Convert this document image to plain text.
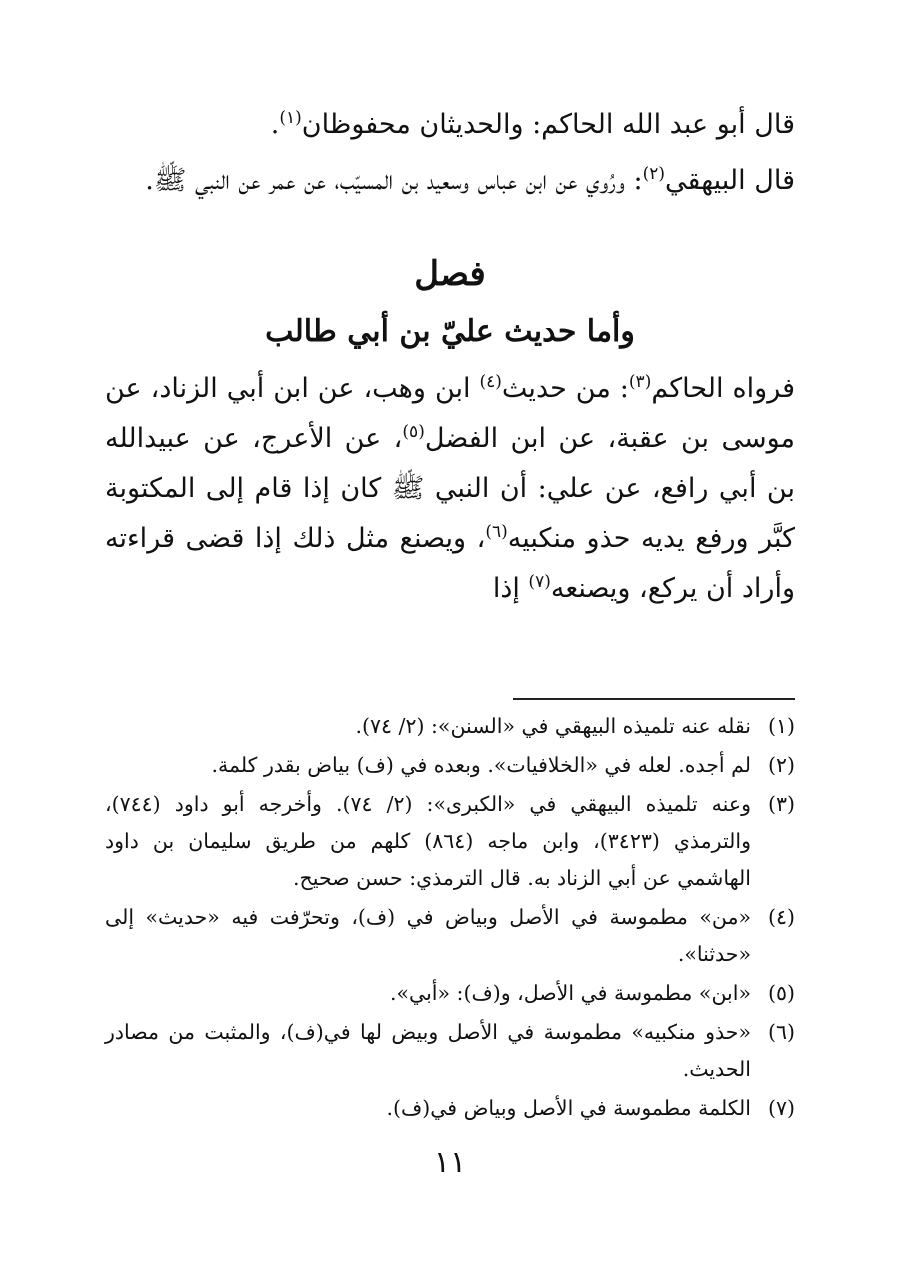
قال أبو عبد الله الحاكم: والحديثان محفوظان$^{(١)}$.

قال البيهقي$^{(٢)}$: ورُوي عن ابن عباس وسعيد بن المسيّب، عن عمر عن النبي ﷺ.

فصل
وأما حديث عليّ بن أبي طالب

فرواه الحاكم$^{(٣)}$: من حديث$^{(٤)}$ ابن وهب، عن ابن أبي الزناد، عن موسى بن عقبة، عن ابن الفضل$^{(٥)}$، عن الأعرج، عن عبيدالله بن أبي رافع، عن علي: أن النبي ﷺ كان إذا قام إلى المكتوبة كبَّر ورفع يديه حذو منكبيه$^{(٦)}$، ويصنع مثل ذلك إذا قضى قراءته وأراد أن يركع، ويصنعه$^{(٧)}$ إذا

(١)
نقله عنه تلميذه البيهقي في «السنن»: (٢/ ٧٤).
(٢)
لم أجده. لعله في «الخلافيات». وبعده في (ف) بياض بقدر كلمة.
(٣)
وعنه تلميذه البيهقي في «الكبرى»: (٢/ ٧٤). وأخرجه أبو داود (٧٤٤)، والترمذي (٣٤٢٣)، وابن ماجه (٨٦٤) كلهم من طريق سليمان بن داود الهاشمي عن أبي الزناد به. قال الترمذي: حسن صحيح.
(٤)
«من» مطموسة في الأصل وبياض في (ف)، وتحرّفت فيه «حديث» إلى «حدثنا».
(٥)
«ابن» مطموسة في الأصل، و(ف): «أبي».
(٦)
«حذو منكبيه» مطموسة في الأصل وبيض لها في(ف)، والمثبت من مصادر الحديث.
(٧)
الكلمة مطموسة في الأصل وبياض في(ف).
١١
